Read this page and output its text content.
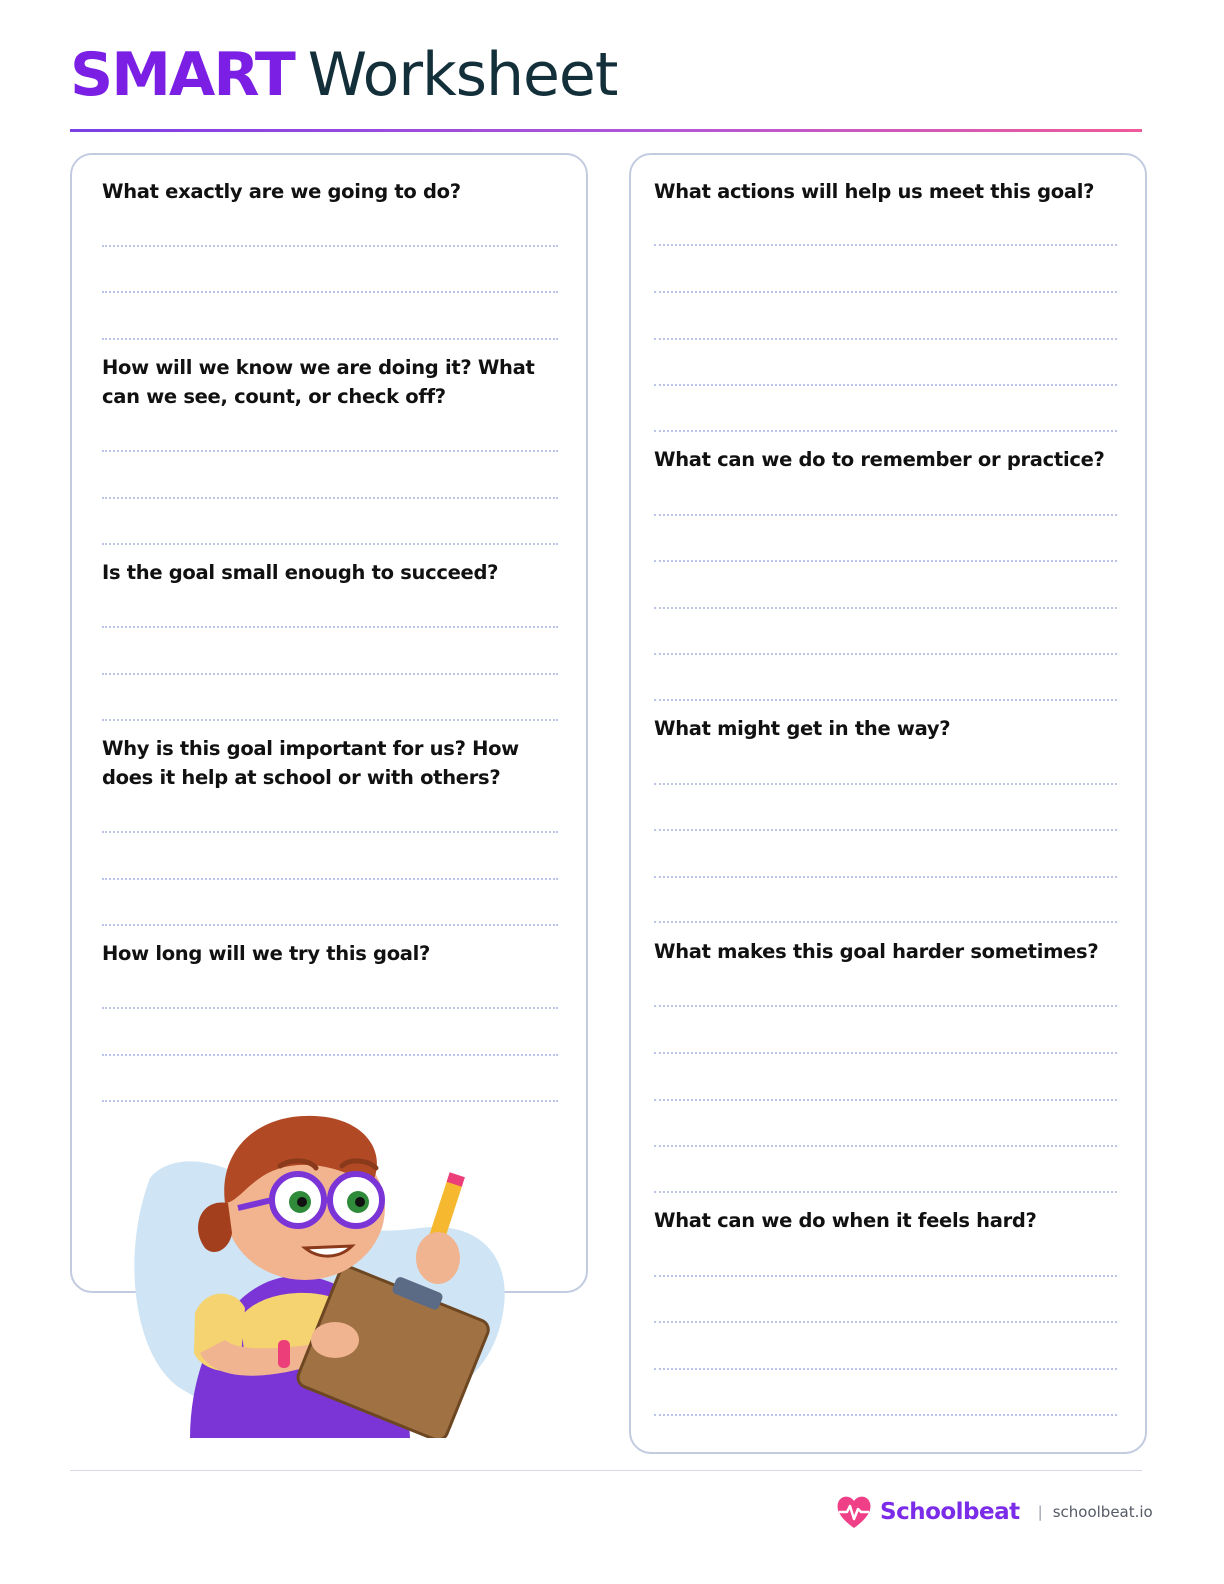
SMART Worksheet
What exactly are we going to do?
How will we know we are doing it? What
can we see, count, or check off?
Is the goal small enough to succeed?
Why is this goal important for us? How
does it help at school or with others?
How long will we try this goal?
What actions will help us meet this goal?
What can we do to remember or practice?
What might get in the way?
What makes this goal harder sometimes?
What can we do when it feels hard?
Schoolbeat | schoolbeat.io
